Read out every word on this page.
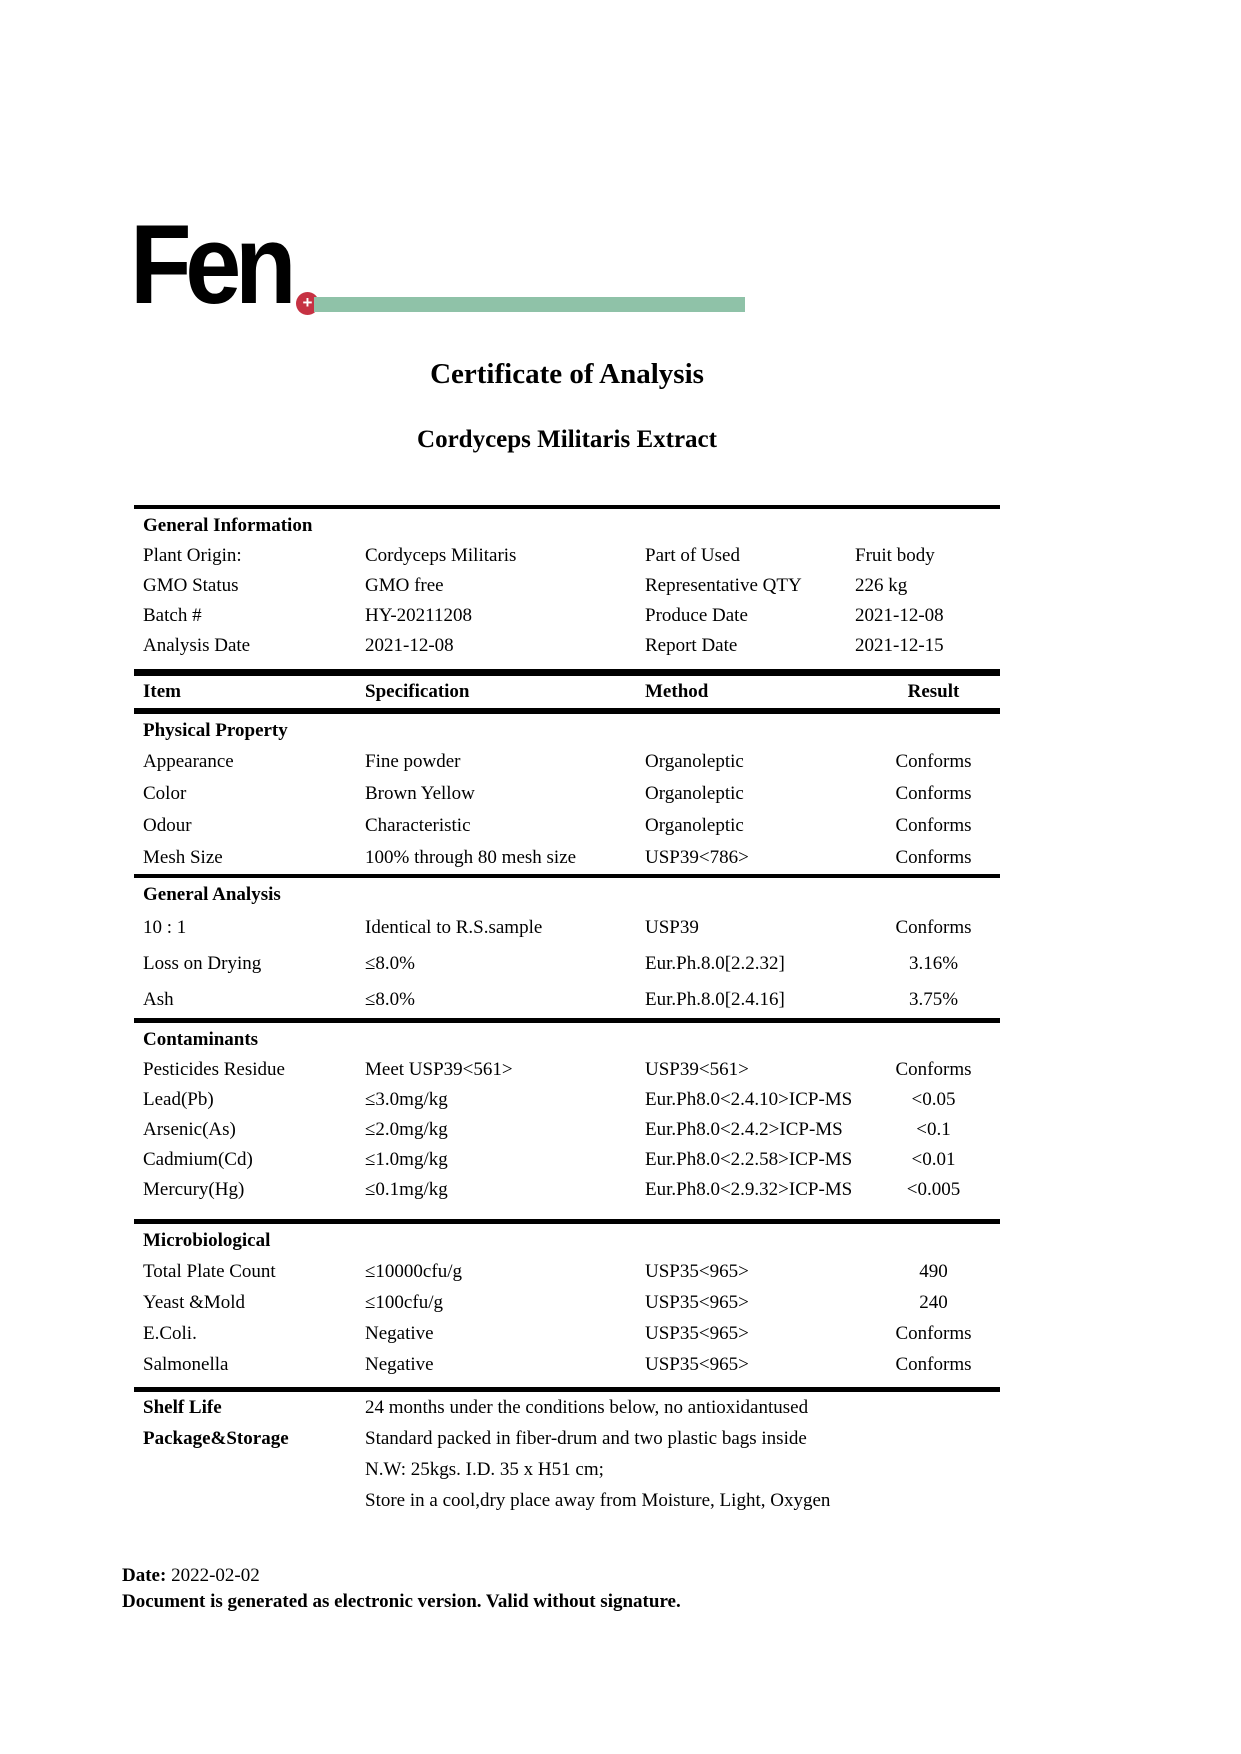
Fen +
Certificate of Analysis
Cordyceps Militaris Extract
General Information
Plant Origin:	Cordyceps Militaris	Part of Used	Fruit body
GMO Status	GMO free	Representative QTY	226 kg
Batch #	HY-20211208	Produce Date	2021-12-08
Analysis Date	2021-12-08	Report Date	2021-12-15
Item	Specification	Method	Result
Physical Property
Appearance	Fine powder	Organoleptic	Conforms
Color	Brown Yellow	Organoleptic	Conforms
Odour	Characteristic	Organoleptic	Conforms
Mesh Size	100% through 80 mesh size	USP39<786>	Conforms
General Analysis
10 : 1	Identical to R.S.sample	USP39	Conforms
Loss on Drying	≤8.0%	Eur.Ph.8.0[2.2.32]	3.16%
Ash	≤8.0%	Eur.Ph.8.0[2.4.16]	3.75%
Contaminants
Pesticides Residue	Meet USP39<561>	USP39<561>	Conforms
Lead(Pb)	≤3.0mg/kg	Eur.Ph8.0<2.4.10>ICP-MS	<0.05
Arsenic(As)	≤2.0mg/kg	Eur.Ph8.0<2.4.2>ICP-MS	<0.1
Cadmium(Cd)	≤1.0mg/kg	Eur.Ph8.0<2.2.58>ICP-MS	<0.01
Mercury(Hg)	≤0.1mg/kg	Eur.Ph8.0<2.9.32>ICP-MS	<0.005
Microbiological
Total Plate Count	≤10000cfu/g	USP35<965>	490
Yeast &Mold	≤100cfu/g	USP35<965>	240
E.Coli.	Negative	USP35<965>	Conforms
Salmonella	Negative	USP35<965>	Conforms
Shelf Life	24 months under the conditions below, no antioxidantused
Package&Storage	Standard packed in fiber-drum and two plastic bags inside
N.W: 25kgs. I.D. 35 x H51 cm;
Store in a cool,dry place away from Moisture, Light, Oxygen
Date: 2022-02-02
Document is generated as electronic version. Valid without signature.
